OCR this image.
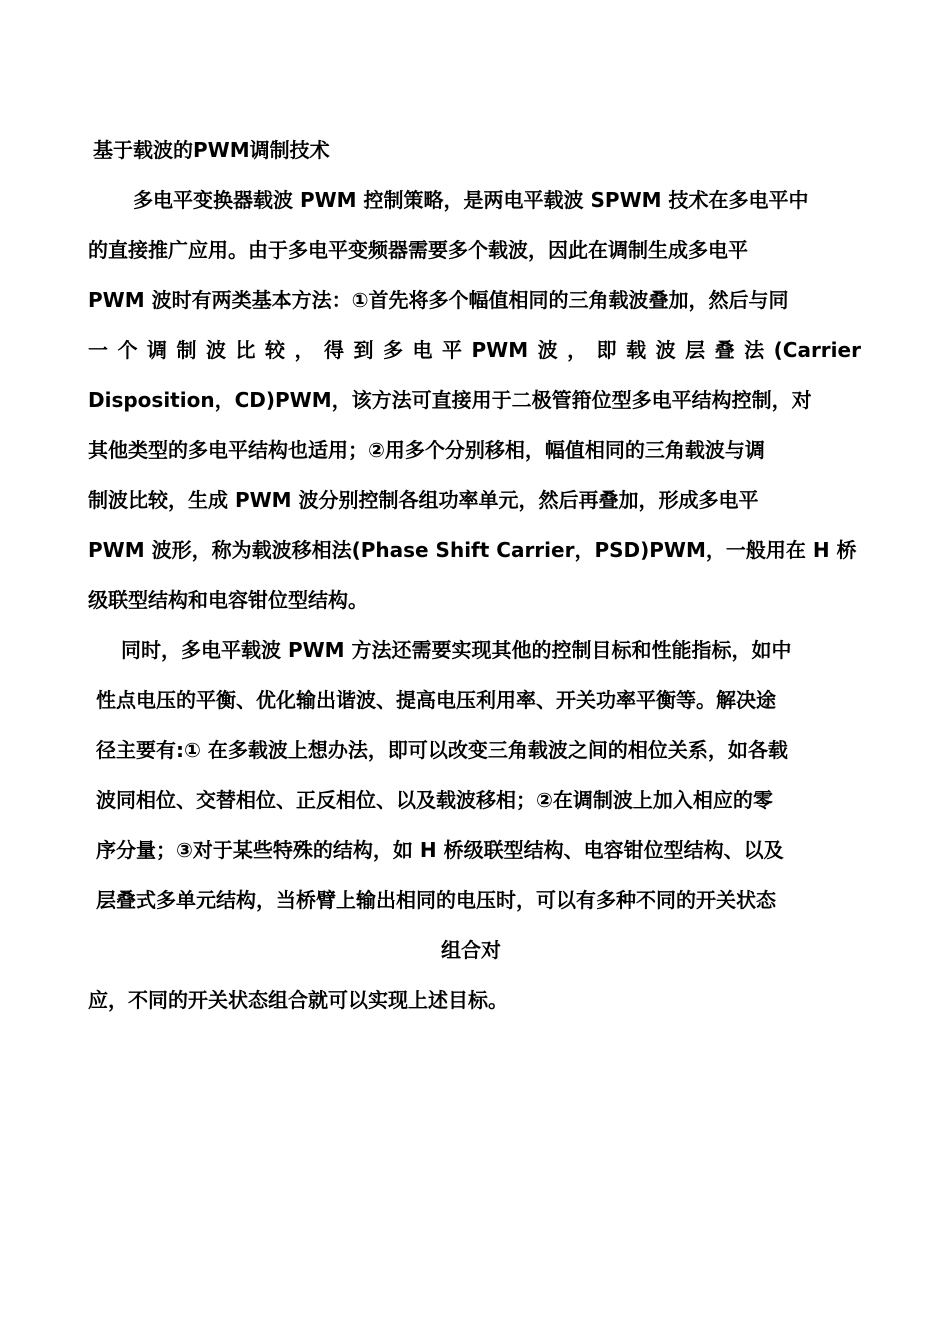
基于载波的PWM调制技术
多电平变换器载波 PWM 控制策略，是两电平载波 SPWM 技术在多电平中
的直接推广应用。由于多电平变频器需要多个载波，因此在调制生成多电平
PWM 波时有两类基本方法：①首先将多个幅值相同的三角载波叠加，然后与同
一 个 调 制 波 比 较 ， 得 到 多 电 平 PWM 波 ， 即 载 波 层 叠 法 (Carrier
Disposition，CD)PWM，该方法可直接用于二极管箝位型多电平结构控制，对
其他类型的多电平结构也适用；②用多个分别移相，幅值相同的三角载波与调
制波比较，生成 PWM 波分别控制各组功率单元，然后再叠加，形成多电平
PWM 波形，称为载波移相法(Phase Shift Carrier，PSD)PWM，一般用在 H 桥
级联型结构和电容钳位型结构。
同时，多电平载波 PWM 方法还需要实现其他的控制目标和性能指标，如中
性点电压的平衡、优化输出谐波、提高电压利用率、开关功率平衡等。解决途
径主要有:① 在多载波上想办法，即可以改变三角载波之间的相位关系，如各载
波同相位、交替相位、正反相位、以及载波移相；②在调制波上加入相应的零
序分量；③对于某些特殊的结构，如 H 桥级联型结构、电容钳位型结构、以及
层叠式多单元结构，当桥臂上输出相同的电压时，可以有多种不同的开关状态
组合对
应，不同的开关状态组合就可以实现上述目标。
